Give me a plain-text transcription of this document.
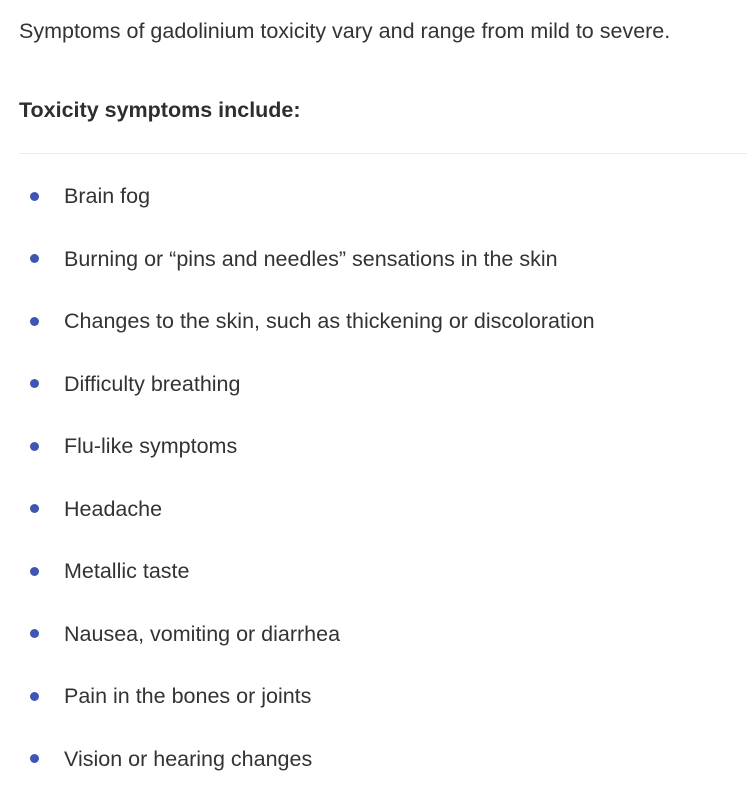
Symptoms of gadolinium toxicity vary and range from mild to severe.

Toxicity symptoms include:
Brain fog
Burning or “pins and needles” sensations in the skin
Changes to the skin, such as thickening or discoloration
Difficulty breathing
Flu-like symptoms
Headache
Metallic taste
Nausea, vomiting or diarrhea
Pain in the bones or joints
Vision or hearing changes
